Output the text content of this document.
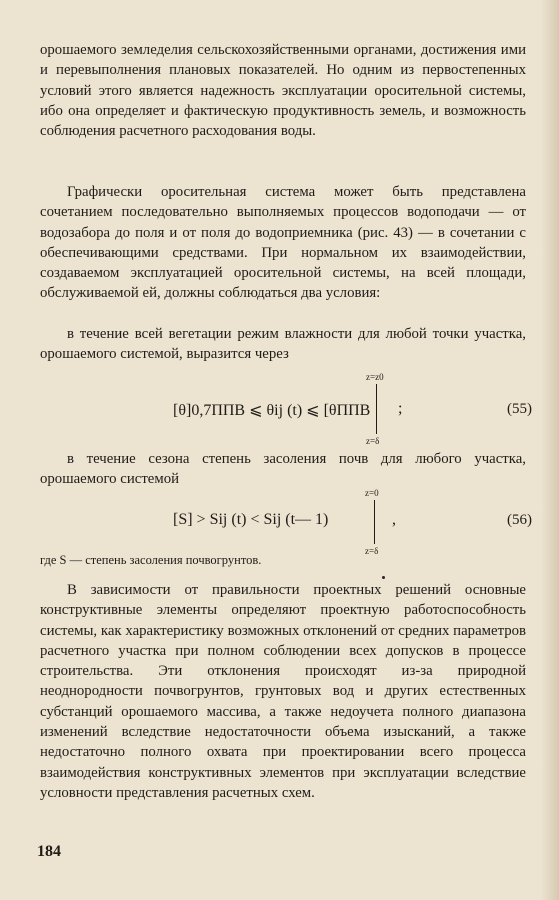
орошаемого земледелия сельскохозяйственными органами, достижения ими и перевыполнения плановых показателей. Но одним из первостепенных условий этого является надежность эксплуатации оросительной системы, ибо она определяет и фактическую продуктивность земель, и возможность соблюдения расчетного расходования воды.

Графически оросительная система может быть представлена сочетанием последовательно выполняемых процессов водоподачи — от водозабора до поля и от поля до водоприемника (рис. 43) — в сочетании с обеспечивающими средствами. При нормальном их взаимодействии, создаваемом эксплуатацией оросительной системы, на всей площади, обслуживаемой ей, должны соблюдаться два условия:

в течение всей вегетации режим влажности для любой точки участка, орошаемого системой, выразится через

[θ]0,7ППВ ⩽ θij (t) ⩽ [θППВ
z=z0
z=δ
;	(55)

в течение сезона степень засоления почв для любого участка, орошаемого системой

[S] > Sij (t) < Sij (t— 1)
z=0
z=δ
,	(56)

где S — степень засоления почвогрунтов.

В зависимости от правильности проектных решений основные конструктивные элементы определяют проектную работоспособность системы, как характеристику возможных отклонений от средних параметров расчетного участка при полном соблюдении всех допусков в процессе строительства. Эти отклонения происходят из-за природной неоднородности почвогрунтов, грунтовых вод и других естественных субстанций орошаемого массива, а также недоучета полного диапазона изменений вследствие недостаточности объема изысканий, а также недостаточно полного охвата при проектировании всего процесса взаимодействия конструктивных элементов при эксплуатации вследствие условности представления расчетных схем.

184
